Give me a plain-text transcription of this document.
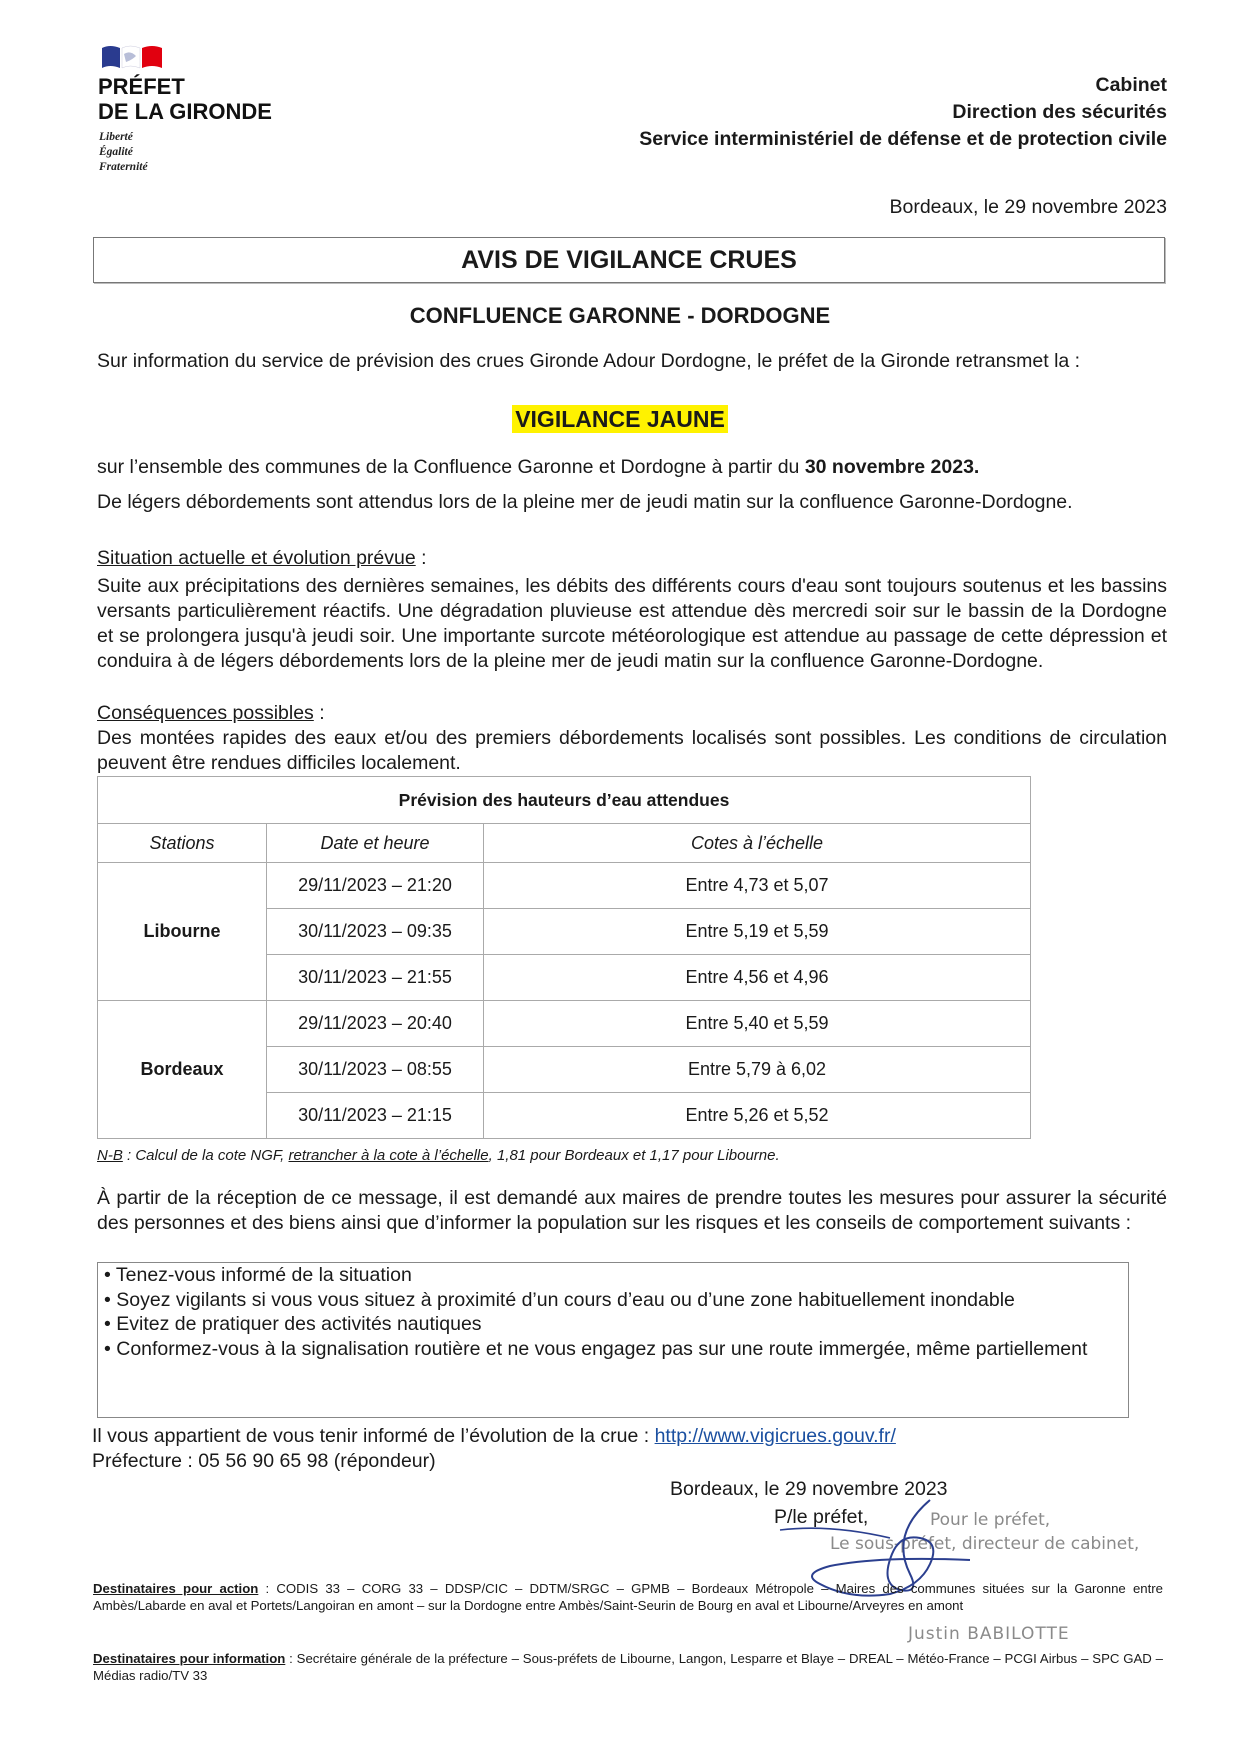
PRÉFET
DE LA GIRONDE
Liberté
Égalité
Fraternité
Cabinet
Direction des sécurités
Service interministériel de défense et de protection civile
Bordeaux, le 29 novembre 2023
AVIS DE VIGILANCE CRUES
CONFLUENCE GARONNE - DORDOGNE
Sur information du service de prévision des crues Gironde Adour Dordogne, le préfet de la Gironde retransmet la :
VIGILANCE JAUNE
sur l’ensemble des communes de la Confluence Garonne et Dordogne à partir du 30 novembre 2023.
De légers débordements sont attendus lors de la pleine mer de jeudi matin sur la confluence Garonne-Dordogne.
Situation actuelle et évolution prévue :
Suite aux précipitations des dernières semaines, les débits des différents cours d'eau sont toujours soutenus et les bassins versants particulièrement réactifs. Une dégradation pluvieuse est attendue dès mercredi soir sur le bassin de la Dordogne et se prolongera jusqu'à jeudi soir. Une importante surcote météorologique est attendue au passage de cette dépression et conduira à de légers débordements lors de la pleine mer de jeudi matin sur la confluence Garonne-Dordogne.
Conséquences possibles :
Des montées rapides des eaux et/ou des premiers débordements localisés sont possibles. Les conditions de circulation peuvent être rendues difficiles localement.
Prévision des hauteurs d’eau attendues		
Stations	Date et heure	Cotes à l’échelle
Libourne	29/11/2023 – 21:20	Entre 4,73 et 5,07
	30/11/2023 – 09:35	Entre 5,19 et 5,59
	30/11/2023 – 21:55	Entre 4,56 et 4,96
Bordeaux	29/11/2023 – 20:40	Entre 5,40 et 5,59
	30/11/2023 – 08:55	Entre 5,79 à 6,02
	30/11/2023 – 21:15	Entre 5,26 et 5,52
N-B : Calcul de la cote NGF, retrancher à la cote à l’échelle, 1,81 pour Bordeaux et 1,17 pour Libourne.
À partir de la réception de ce message, il est demandé aux maires de prendre toutes les mesures pour assurer la sécurité des personnes et des biens ainsi que d’informer la population sur les risques et les conseils de comportement suivants :
• Tenez-vous informé de la situation
• Soyez vigilants si vous vous situez à proximité d’un cours d’eau ou d’une zone habituellement inondable
• Evitez de pratiquer des activités nautiques
• Conformez-vous à la signalisation routière et ne vous engagez pas sur une route immergée, même partiellement
Il vous appartient de vous tenir informé de l’évolution de la crue : http://www.vigicrues.gouv.fr/
Préfecture : 05 56 90 65 98 (répondeur)
Bordeaux, le 29 novembre 2023
P/le préfet,	Pour le préfet,
Le sous-préfet, directeur de cabinet,
Justin BABILOTTE
Destinataires pour action : CODIS 33 – CORG 33 – DDSP/CIC – DDTM/SRGC – GPMB – Bordeaux Métropole – Maires des communes situées sur la Garonne entre Ambès/Labarde en aval et Portets/Langoiran en amont – sur la Dordogne entre Ambès/Saint-Seurin de Bourg en aval et Libourne/Arveyres en amont
Destinataires pour information : Secrétaire générale de la préfecture – Sous-préfets de Libourne, Langon, Lesparre et Blaye – DREAL – Météo-France – PCGI Airbus – SPC GAD – Médias radio/TV 33
